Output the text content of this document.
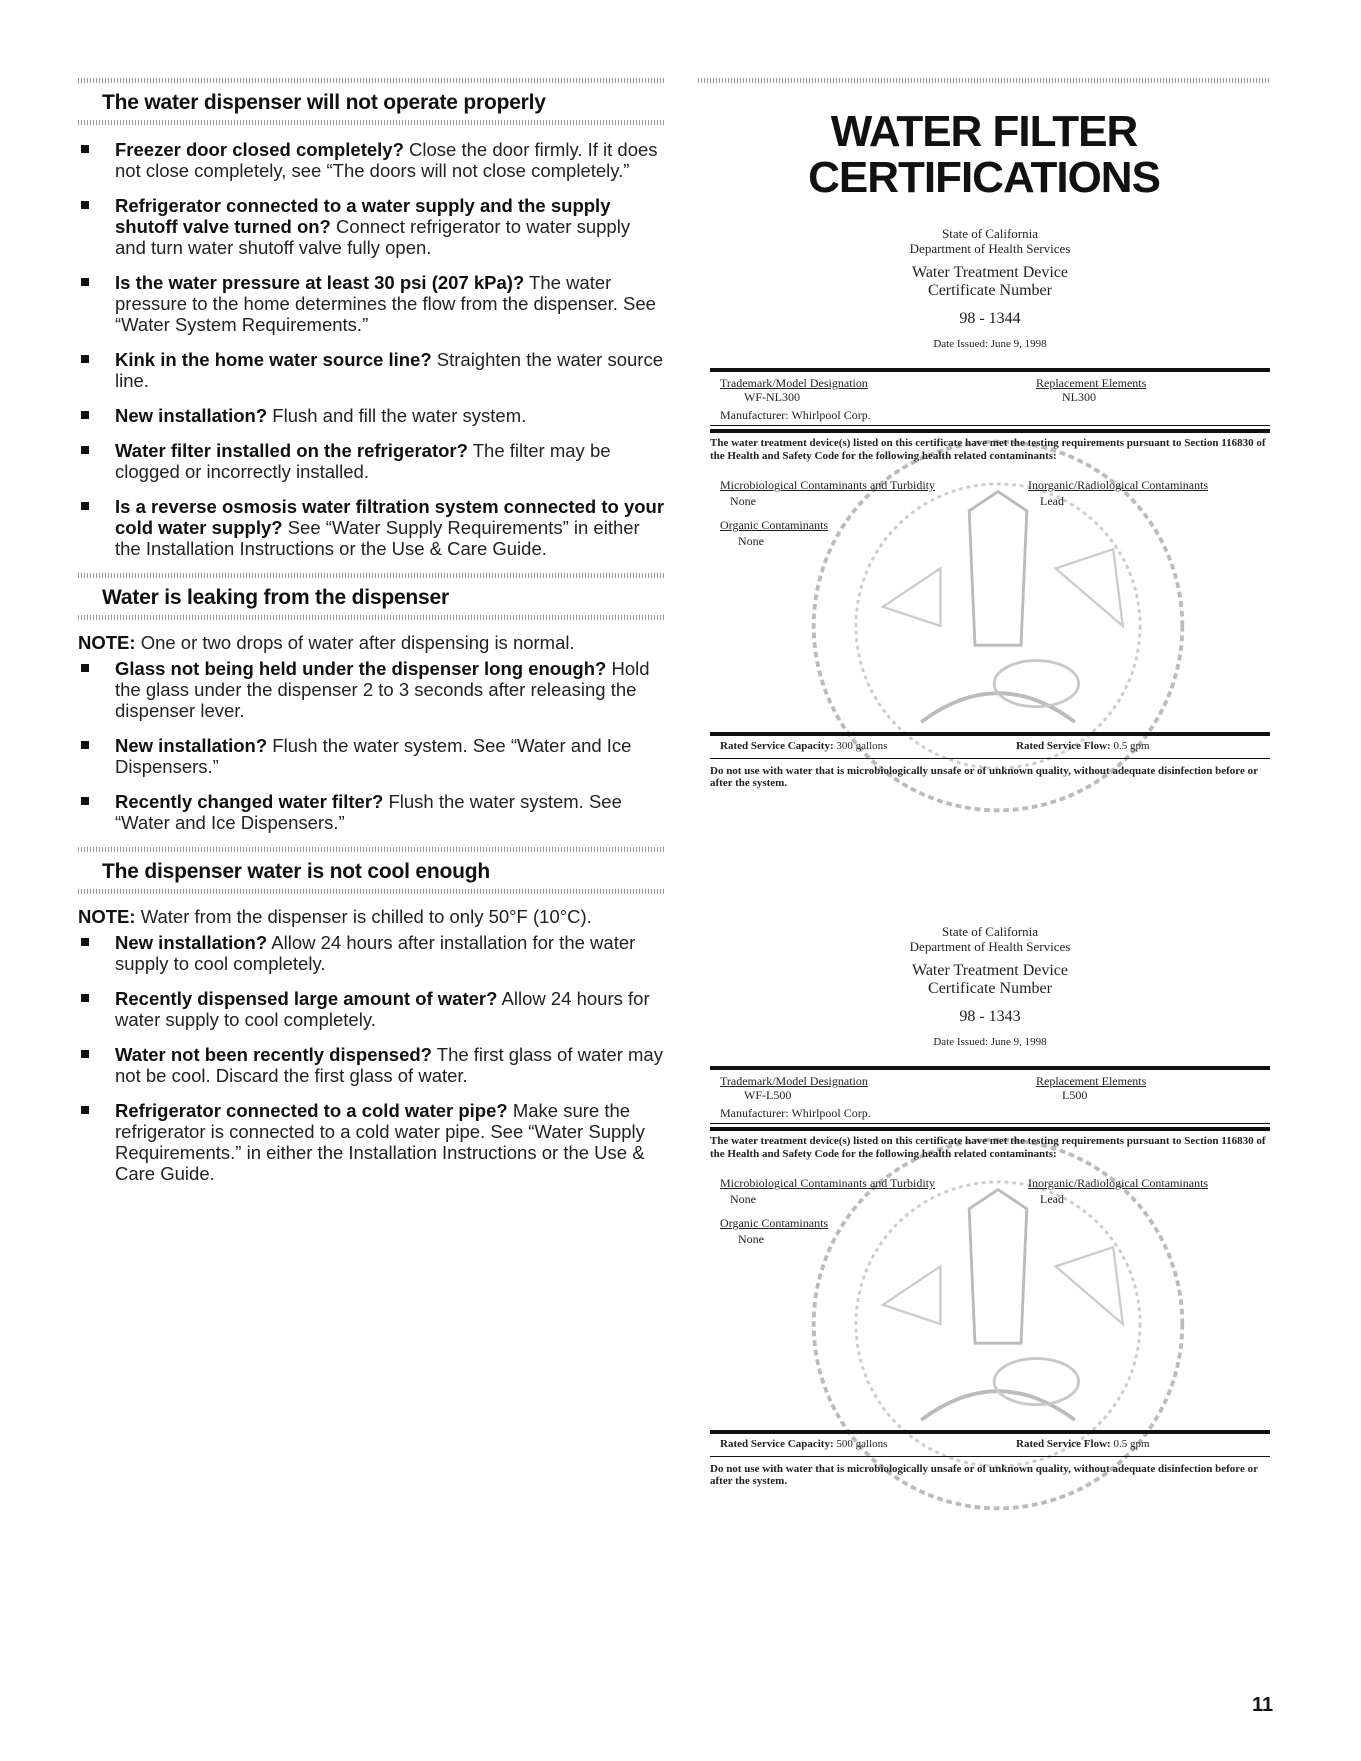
The water dispenser will not operate properly
Freezer door closed completely? Close the door firmly. If it does not close completely, see “The doors will not close completely.”
Refrigerator connected to a water supply and the supply shutoff valve turned on? Connect refrigerator to water supply and turn water shutoff valve fully open.
Is the water pressure at least 30 psi (207 kPa)? The water pressure to the home determines the flow from the dispenser. See “Water System Requirements.”
Kink in the home water source line? Straighten the water source line.
New installation? Flush and fill the water system.
Water filter installed on the refrigerator? The filter may be clogged or incorrectly installed.
Is a reverse osmosis water filtration system connected to your cold water supply? See “Water Supply Requirements” in either the Installation Instructions or the Use & Care Guide.
Water is leaking from the dispenser
NOTE: One or two drops of water after dispensing is normal.
Glass not being held under the dispenser long enough? Hold the glass under the dispenser 2 to 3 seconds after releasing the dispenser lever.
New installation? Flush the water system. See “Water and Ice Dispensers.”
Recently changed water filter? Flush the water system. See “Water and Ice Dispensers.”
The dispenser water is not cool enough
NOTE: Water from the dispenser is chilled to only 50°F (10°C).
New installation? Allow 24 hours after installation for the water supply to cool completely.
Recently dispensed large amount of water? Allow 24 hours for water supply to cool completely.
Water not been recently dispensed? The first glass of water may not be cool. Discard the first glass of water.
Refrigerator connected to a cold water pipe? Make sure the refrigerator is connected to a cold water pipe. See “Water Supply Requirements.” in either the Installation Instructions or the Use & Care Guide.
WATER FILTER
CERTIFICATIONS
State of California
Department of Health Services
Water Treatment Device
Certificate Number
98 - 1344
Date Issued: June 9, 1998
Trademark/Model Designation	Replacement Elements
WF-NL300	NL300
Manufacturer: Whirlpool Corp.
The water treatment device(s) listed on this certificate have met the testing requirements pursuant to Section 116830 of the Health and Safety Code for the following health related contaminants:
Microbiological Contaminants and Turbidity	Inorganic/Radiological Contaminants
None	Lead
Organic Contaminants
None
Rated Service Capacity: 300 gallons	Rated Service Flow: 0.5 gpm
Do not use with water that is microbiologically unsafe or of unknown quality, without adequate disinfection before or after the system.
State of California
Department of Health Services
Water Treatment Device
Certificate Number
98 - 1343
Date Issued: June 9, 1998
Trademark/Model Designation	Replacement Elements
WF-L500	L500
Manufacturer: Whirlpool Corp.
The water treatment device(s) listed on this certificate have met the testing requirements pursuant to Section 116830 of the Health and Safety Code for the following health related contaminants:
Microbiological Contaminants and Turbidity	Inorganic/Radiological Contaminants
None	Lead
Organic Contaminants
None
Rated Service Capacity: 500 gallons	Rated Service Flow: 0.5 gpm
Do not use with water that is microbiologically unsafe or of unknown quality, without adequate disinfection before or after the system.
11
